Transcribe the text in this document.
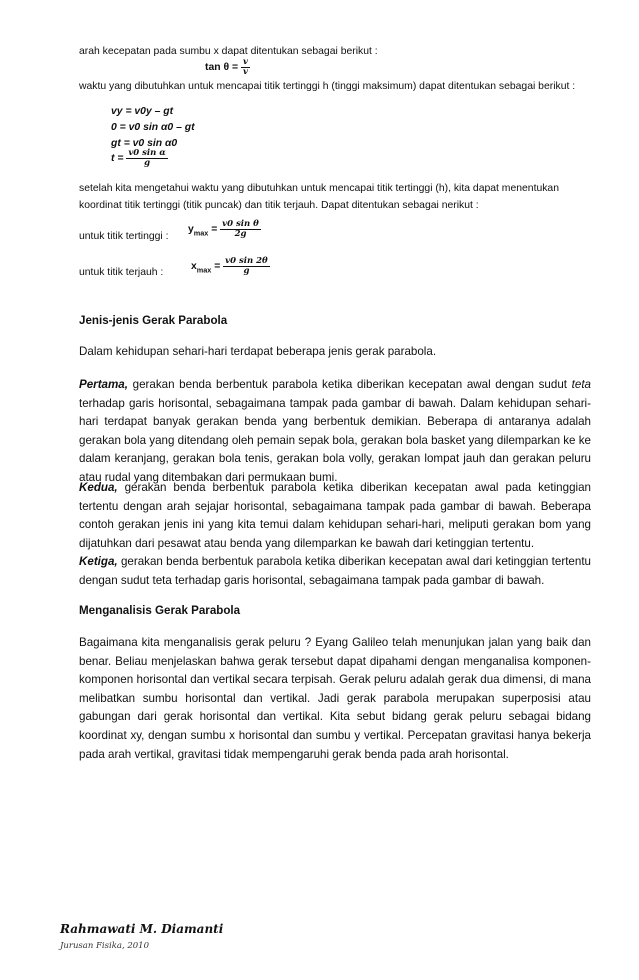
arah kecepatan pada sumbu x dapat ditentukan sebagai berikut :
$\tan \theta = \frac{v}{v}$
waktu yang dibutuhkan untuk mencapai titik tertinggi h (tinggi maksimum) dapat ditentukan sebagai berikut :
vy = v0y – gt
0 = v0 sin α0 – gt
gt = v0 sin α0
$t = \frac{\text{v0 sin α}}{g}$
setelah kita mengetahui waktu yang dibutuhkan untuk mencapai titik tertinggi (h), kita dapat menentukan
koordinat titik tertinggi (titik puncak) dan titik terjauh. Dapat ditentukan sebagai nerikut :
untuk titik tertinggi :
$y_{max} = \frac{\text{v0 sin θ}}{2g}$
untuk titik terjauh :
$x_{max} = \frac{v0 \sin 2\theta}{g}$
Jenis-jenis Gerak Parabola
Dalam kehidupan sehari-hari terdapat beberapa jenis gerak parabola.
Pertama, gerakan benda berbentuk parabola ketika diberikan kecepatan awal dengan sudut teta terhadap garis horisontal, sebagaimana tampak pada gambar di bawah. Dalam kehidupan sehari-hari terdapat banyak gerakan benda yang berbentuk demikian. Beberapa di antaranya adalah gerakan bola yang ditendang oleh pemain sepak bola, gerakan bola basket yang dilemparkan ke ke dalam keranjang, gerakan bola tenis, gerakan bola volly, gerakan lompat jauh dan gerakan peluru atau rudal yang ditembakan dari permukaan bumi.
Kedua, gerakan benda berbentuk parabola ketika diberikan kecepatan awal pada ketinggian tertentu dengan arah sejajar horisontal, sebagaimana tampak pada gambar di bawah. Beberapa contoh gerakan jenis ini yang kita temui dalam kehidupan sehari-hari, meliputi gerakan bom yang dijatuhkan dari pesawat atau benda yang dilemparkan ke bawah dari ketinggian tertentu.
Ketiga, gerakan benda berbentuk parabola ketika diberikan kecepatan awal dari ketinggian tertentu dengan sudut teta terhadap garis horisontal, sebagaimana tampak pada gambar di bawah.
Menganalisis Gerak Parabola
Bagaimana kita menganalisis gerak peluru ? Eyang Galileo telah menunjukan jalan yang baik dan benar. Beliau menjelaskan bahwa gerak tersebut dapat dipahami dengan menganalisa komponen-komponen horisontal dan vertikal secara terpisah. Gerak peluru adalah gerak dua dimensi, di mana melibatkan sumbu horisontal dan vertikal. Jadi gerak parabola merupakan superposisi atau gabungan dari gerak horisontal dan vertikal. Kita sebut bidang gerak peluru sebagai bidang koordinat xy, dengan sumbu x horisontal dan sumbu y vertikal. Percepatan gravitasi hanya bekerja pada arah vertikal, gravitasi tidak mempengaruhi gerak benda pada arah horisontal.
Rahmawati M. Diamanti
Jurusan Fisika, 2010
